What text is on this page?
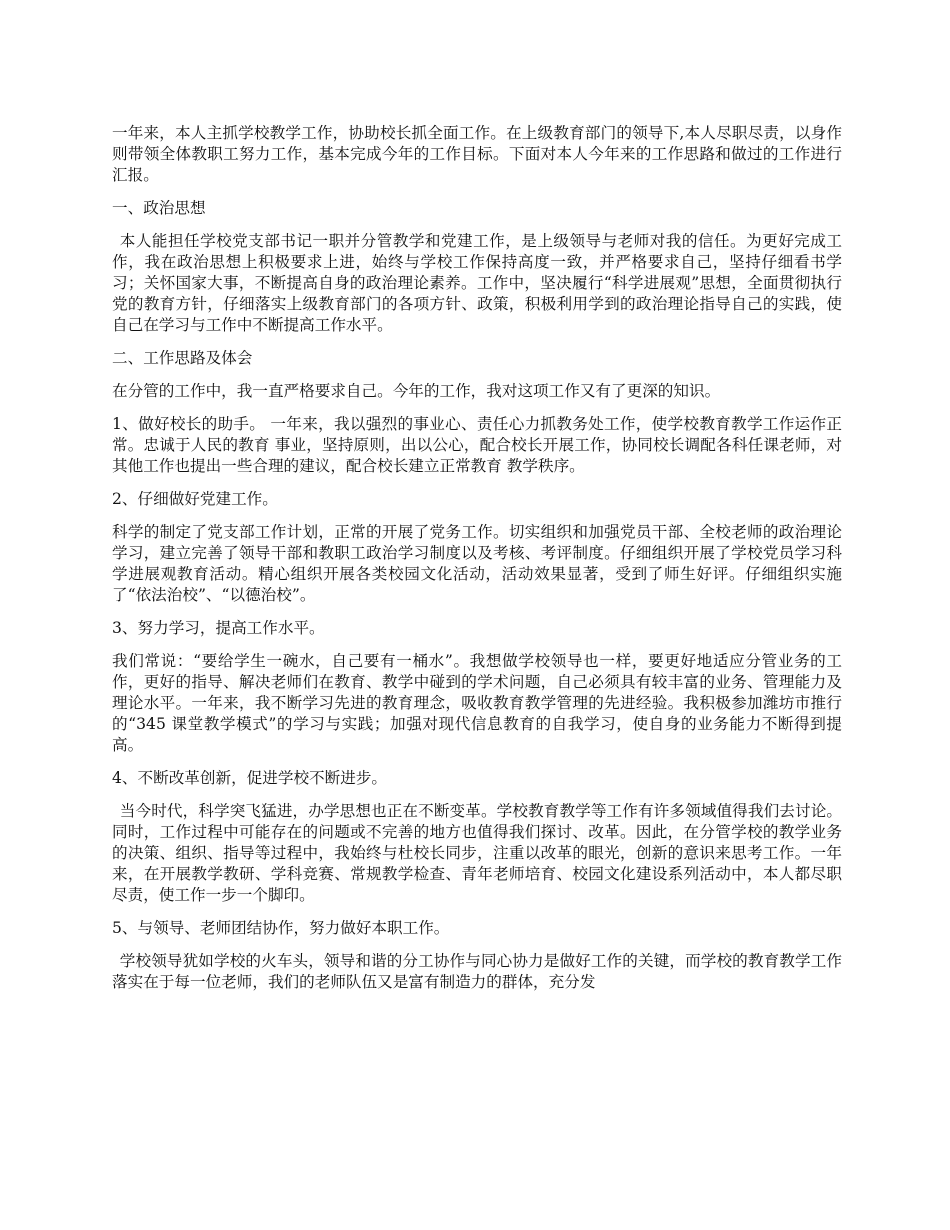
一年来，本人主抓学校教学工作，协助校长抓全面工作。在上级教育部门的领导下,本人尽职尽责，以身作则带领全体教职工努力工作，基本完成今年的工作目标。下面对本人今年来的工作思路和做过的工作进行汇报。

一、政治思想

本人能担任学校党支部书记一职并分管教学和党建工作，是上级领导与老师对我的信任。为更好完成工作，我在政治思想上积极要求上进，始终与学校工作保持高度一致，并严格要求自己，坚持仔细看书学习；关怀国家大事，不断提高自身的政治理论素养。工作中，坚决履行“科学进展观”思想，全面贯彻执行党的教育方针，仔细落实上级教育部门的各项方针、政策，积极利用学到的政治理论指导自己的实践，使自己在学习与工作中不断提高工作水平。

二、工作思路及体会

在分管的工作中，我一直严格要求自己。今年的工作，我对这项工作又有了更深的知识。

1、做好校长的助手。 一年来，我以强烈的事业心、责任心力抓教务处工作，使学校教育教学工作运作正常。忠诚于人民的教育 事业，坚持原则，出以公心，配合校长开展工作，协同校长调配各科任课老师，对其他工作也提出一些合理的建议，配合校长建立正常教育 教学秩序。

2、仔细做好党建工作。

科学的制定了党支部工作计划，正常的开展了党务工作。切实组织和加强党员干部、全校老师的政治理论学习，建立完善了领导干部和教职工政治学习制度以及考核、考评制度。仔细组织开展了学校党员学习科学进展观教育活动。精心组织开展各类校园文化活动，活动效果显著，受到了师生好评。仔细组织实施了“依法治校”、“以德治校”。

3、努力学习，提高工作水平。

我们常说：“要给学生一碗水，自己要有一桶水”。我想做学校领导也一样，要更好地适应分管业务的工作，更好的指导、解决老师们在教育、教学中碰到的学术问题，自己必须具有较丰富的业务、管理能力及理论水平。一年来，我不断学习先进的教育理念，吸收教育教学管理的先进经验。我积极参加潍坊市推行的“345 课堂教学模式”的学习与实践；加强对现代信息教育的自我学习，使自身的业务能力不断得到提高。

4、不断改革创新，促进学校不断进步。

当今时代，科学突飞猛进，办学思想也正在不断变革。学校教育教学等工作有许多领域值得我们去讨论。同时，工作过程中可能存在的问题或不完善的地方也值得我们探讨、改革。因此，在分管学校的教学业务的决策、组织、指导等过程中，我始终与杜校长同步，注重以改革的眼光，创新的意识来思考工作。一年来，在开展教学教研、学科竞赛、常规教学检查、青年老师培育、校园文化建设系列活动中，本人都尽职尽责，使工作一步一个脚印。

5、与领导、老师团结协作，努力做好本职工作。

学校领导犹如学校的火车头，领导和谐的分工协作与同心协力是做好工作的关键，而学校的教育教学工作落实在于每一位老师，我们的老师队伍又是富有制造力的群体，充分发
